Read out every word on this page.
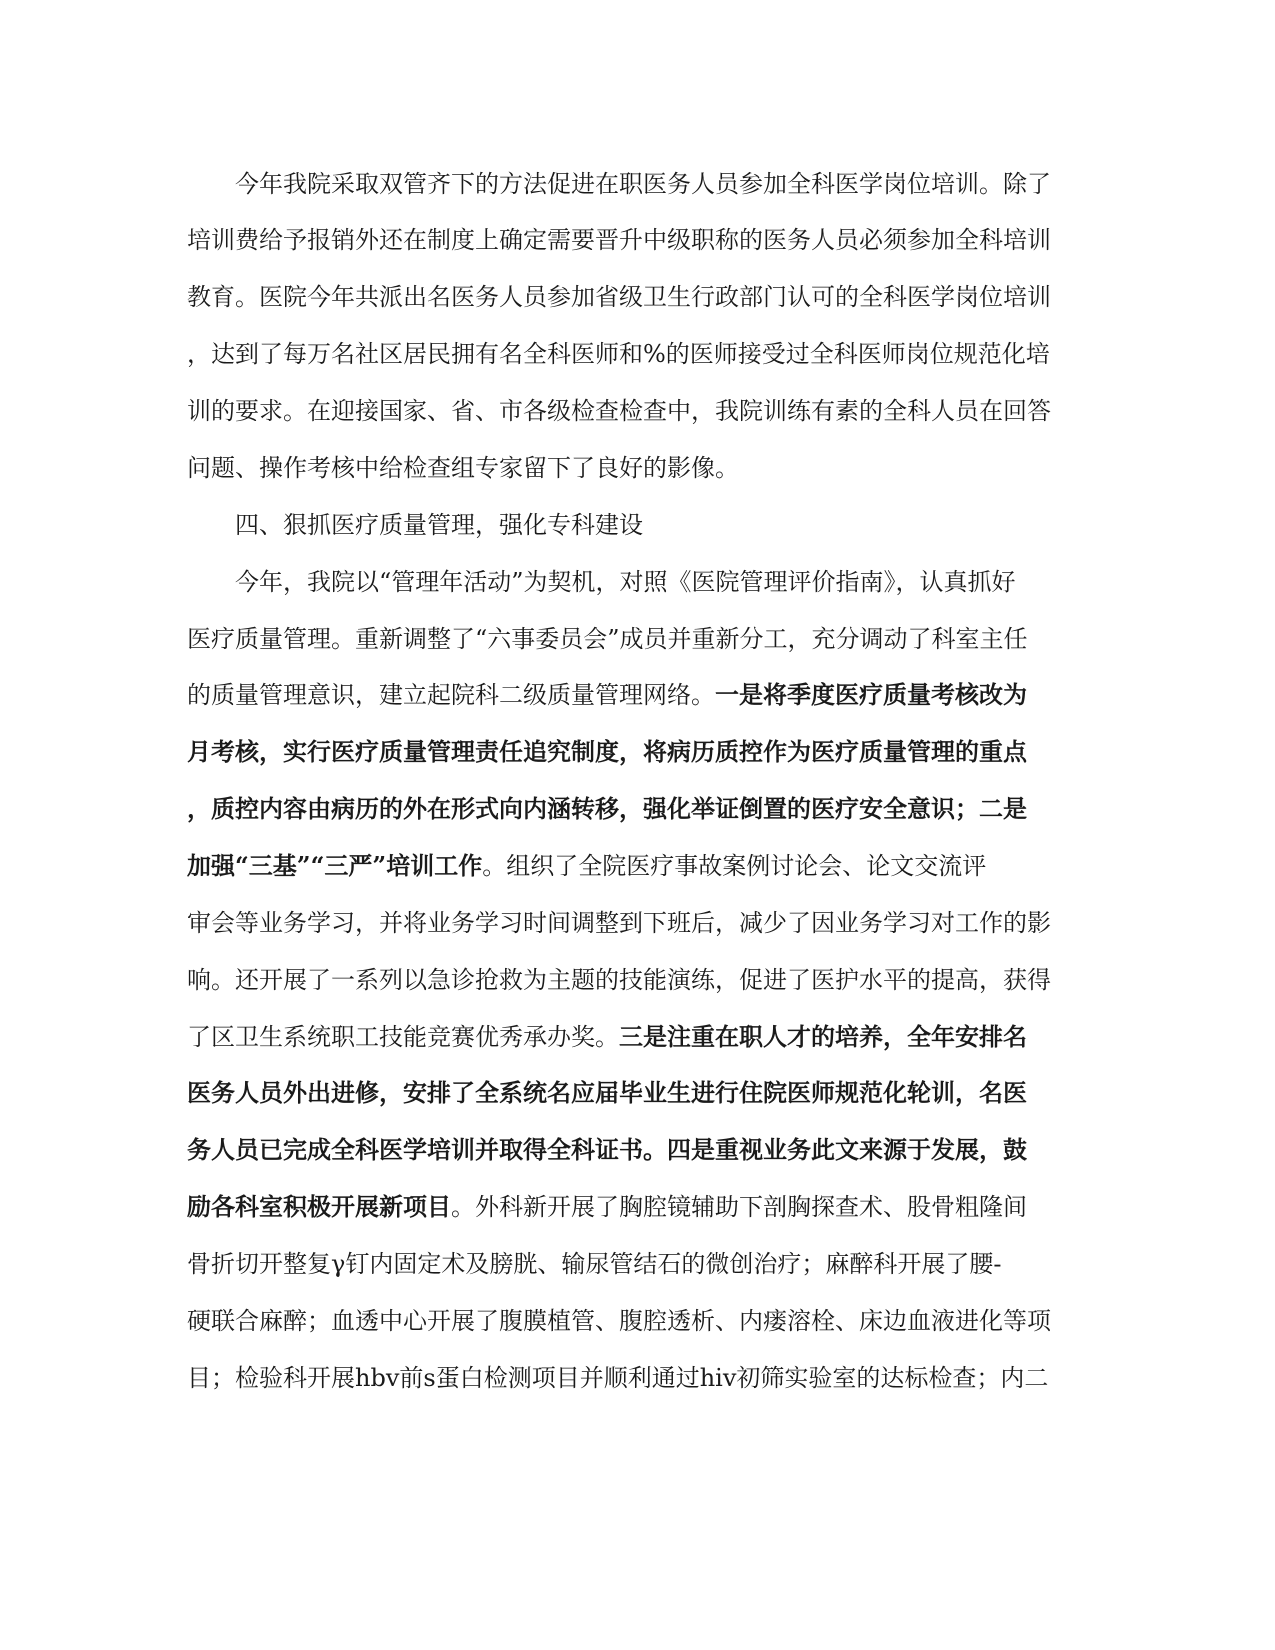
今年我院采取双管齐下的方法促进在职医务人员参加全科医学岗位培训。除了
培训费给予报销外还在制度上确定需要晋升中级职称的医务人员必须参加全科培训
教育。医院今年共派出名医务人员参加省级卫生行政部门认可的全科医学岗位培训
，达到了每万名社区居民拥有名全科医师和%的医师接受过全科医师岗位规范化培
训的要求。在迎接国家、省、市各级检查检查中，我院训练有素的全科人员在回答
问题、操作考核中给检查组专家留下了良好的影像。
四、狠抓医疗质量管理，强化专科建设
今年，我院以“管理年活动”为契机，对照《医院管理评价指南》，认真抓好
医疗质量管理。重新调整了“六事委员会”成员并重新分工，充分调动了科室主任
的质量管理意识，建立起院科二级质量管理网络。一是将季度医疗质量考核改为
月考核，实行医疗质量管理责任追究制度，将病历质控作为医疗质量管理的重点
，质控内容由病历的外在形式向内涵转移，强化举证倒置的医疗安全意识；二是
加强“三基”“三严”培训工作。组织了全院医疗事故案例讨论会、论文交流评
审会等业务学习，并将业务学习时间调整到下班后，减少了因业务学习对工作的影
响。还开展了一系列以急诊抢救为主题的技能演练，促进了医护水平的提高，获得
了区卫生系统职工技能竞赛优秀承办奖。三是注重在职人才的培养，全年安排名
医务人员外出进修，安排了全系统名应届毕业生进行住院医师规范化轮训，名医
务人员已完成全科医学培训并取得全科证书。四是重视业务此文来源于发展，鼓
励各科室积极开展新项目。外科新开展了胸腔镜辅助下剖胸探查术、股骨粗隆间
骨折切开整复γ钉内固定术及膀胱、输尿管结石的微创治疗；麻醉科开展了腰-
硬联合麻醉；血透中心开展了腹膜植管、腹腔透析、内瘘溶栓、床边血液进化等项
目；检验科开展hbv前s蛋白检测项目并顺利通过hiv初筛实验室的达标检查；内二
